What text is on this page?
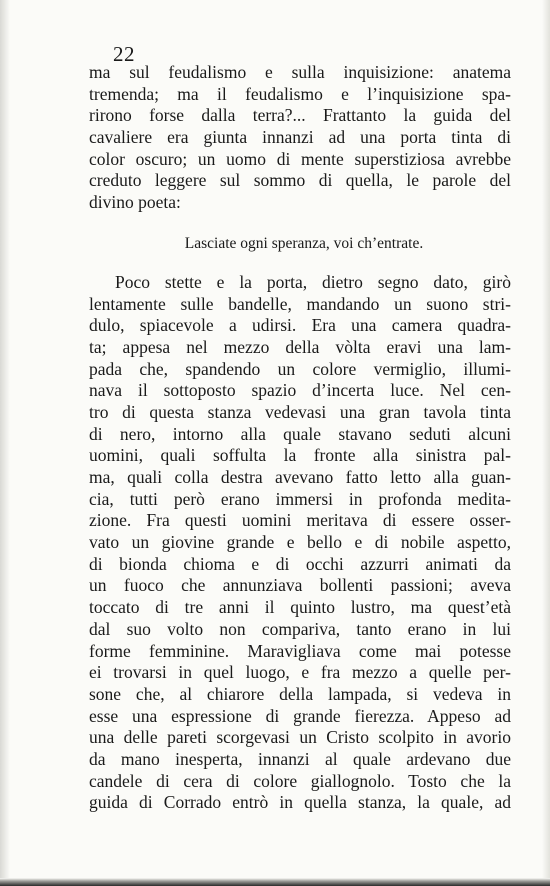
22
ma sul feudalismo e sulla inquisizione: anatema
tremenda; ma il feudalismo e l’inquisizione spa-
rirono forse dalla terra?... Frattanto la guida del
cavaliere era giunta innanzi ad una porta tinta di
color oscuro; un uomo di mente superstiziosa avrebbe
creduto leggere sul sommo di quella, le parole del
divino poeta:
Lasciate ogni speranza, voi ch’entrate.
Poco stette e la porta, dietro segno dato, girò
lentamente sulle bandelle, mandando un suono stri-
dulo, spiacevole a udirsi. Era una camera quadra-
ta; appesa nel mezzo della vòlta eravi una lam-
pada che, spandendo un colore vermiglio, illumi-
nava il sottoposto spazio d’incerta luce. Nel cen-
tro di questa stanza vedevasi una gran tavola tinta
di nero, intorno alla quale stavano seduti alcuni
uomini, quali soffulta la fronte alla sinistra pal-
ma, quali colla destra avevano fatto letto alla guan-
cia, tutti però erano immersi in profonda medita-
zione. Fra questi uomini meritava di essere osser-
vato un giovine grande e bello e di nobile aspetto,
di bionda chioma e di occhi azzurri animati da
un fuoco che annunziava bollenti passioni; aveva
toccato di tre anni il quinto lustro, ma quest’età
dal suo volto non compariva, tanto erano in lui
forme femminine. Maravigliava come mai potesse
ei trovarsi in quel luogo, e fra mezzo a quelle per-
sone che, al chiarore della lampada, si vedeva in
esse una espressione di grande fierezza. Appeso ad
una delle pareti scorgevasi un Cristo scolpito in avorio
da mano inesperta, innanzi al quale ardevano due
candele di cera di colore giallognolo. Tosto che la
guida di Corrado entrò in quella stanza, la quale, ad
